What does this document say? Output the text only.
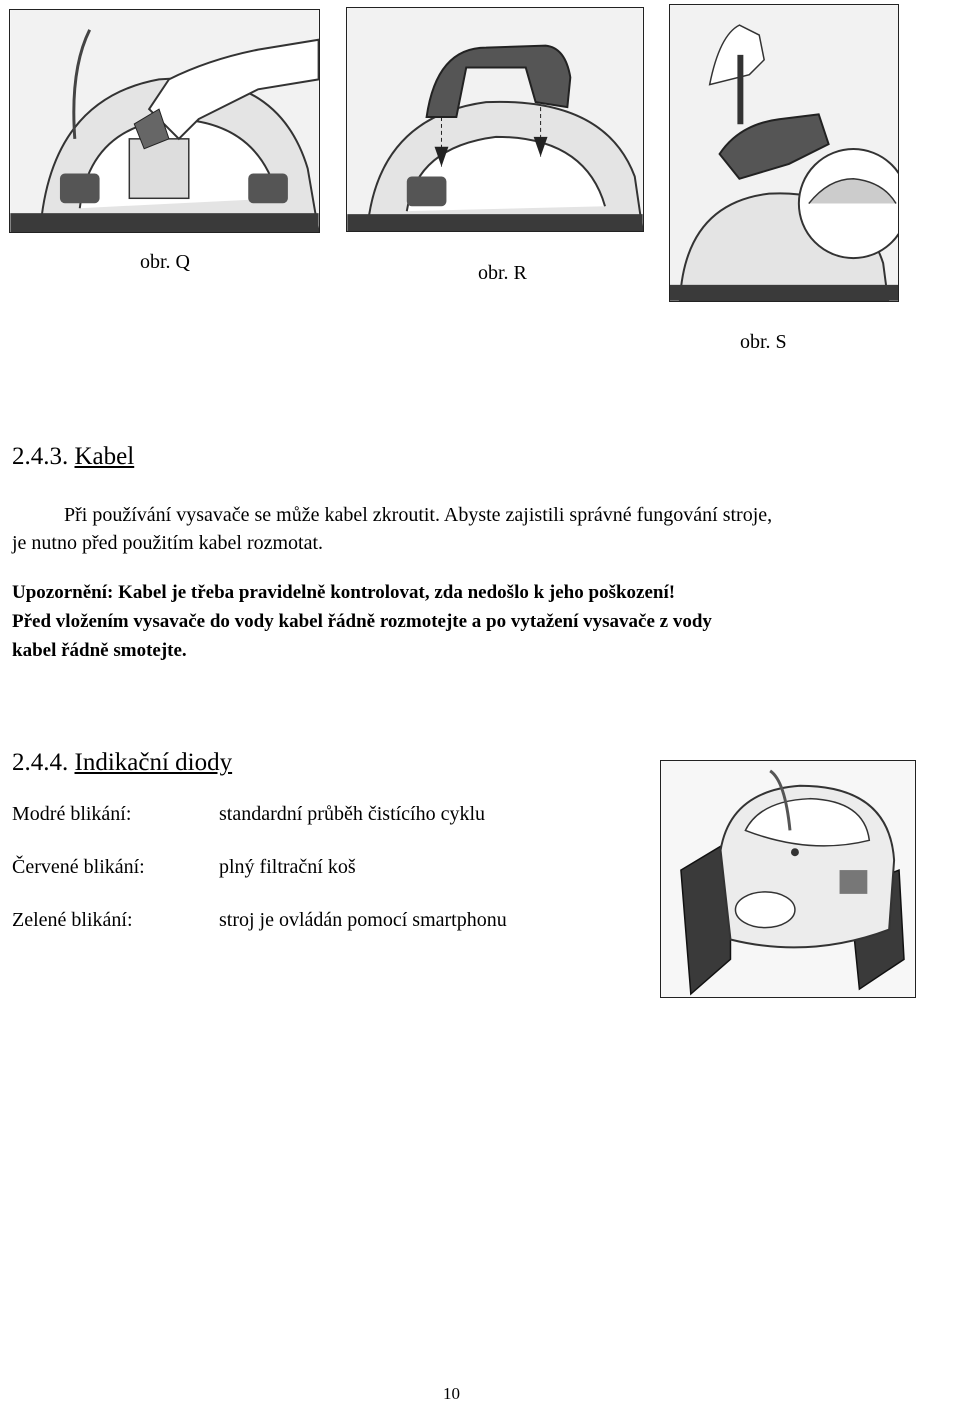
obr. Q	obr. R
obr. S
2.4.3. Kabel
Při používání vysavače se může kabel zkroutit. Abyste zajistili správné fungování stroje,
je nutno před použitím kabel rozmotat.
Upozornění: Kabel je třeba pravidelně kontrolovat, zda nedošlo k jeho poškození!
Před vložením vysavače do vody kabel řádně rozmotejte a po vytažení vysavače z vody
kabel řádně smotejte.
2.4.4. Indikační diody
Modré blikání:	standardní průběh čistícího cyklu
Červené blikání:	plný filtrační koš
Zelené blikání:	stroj je ovládán pomocí smartphonu
10
